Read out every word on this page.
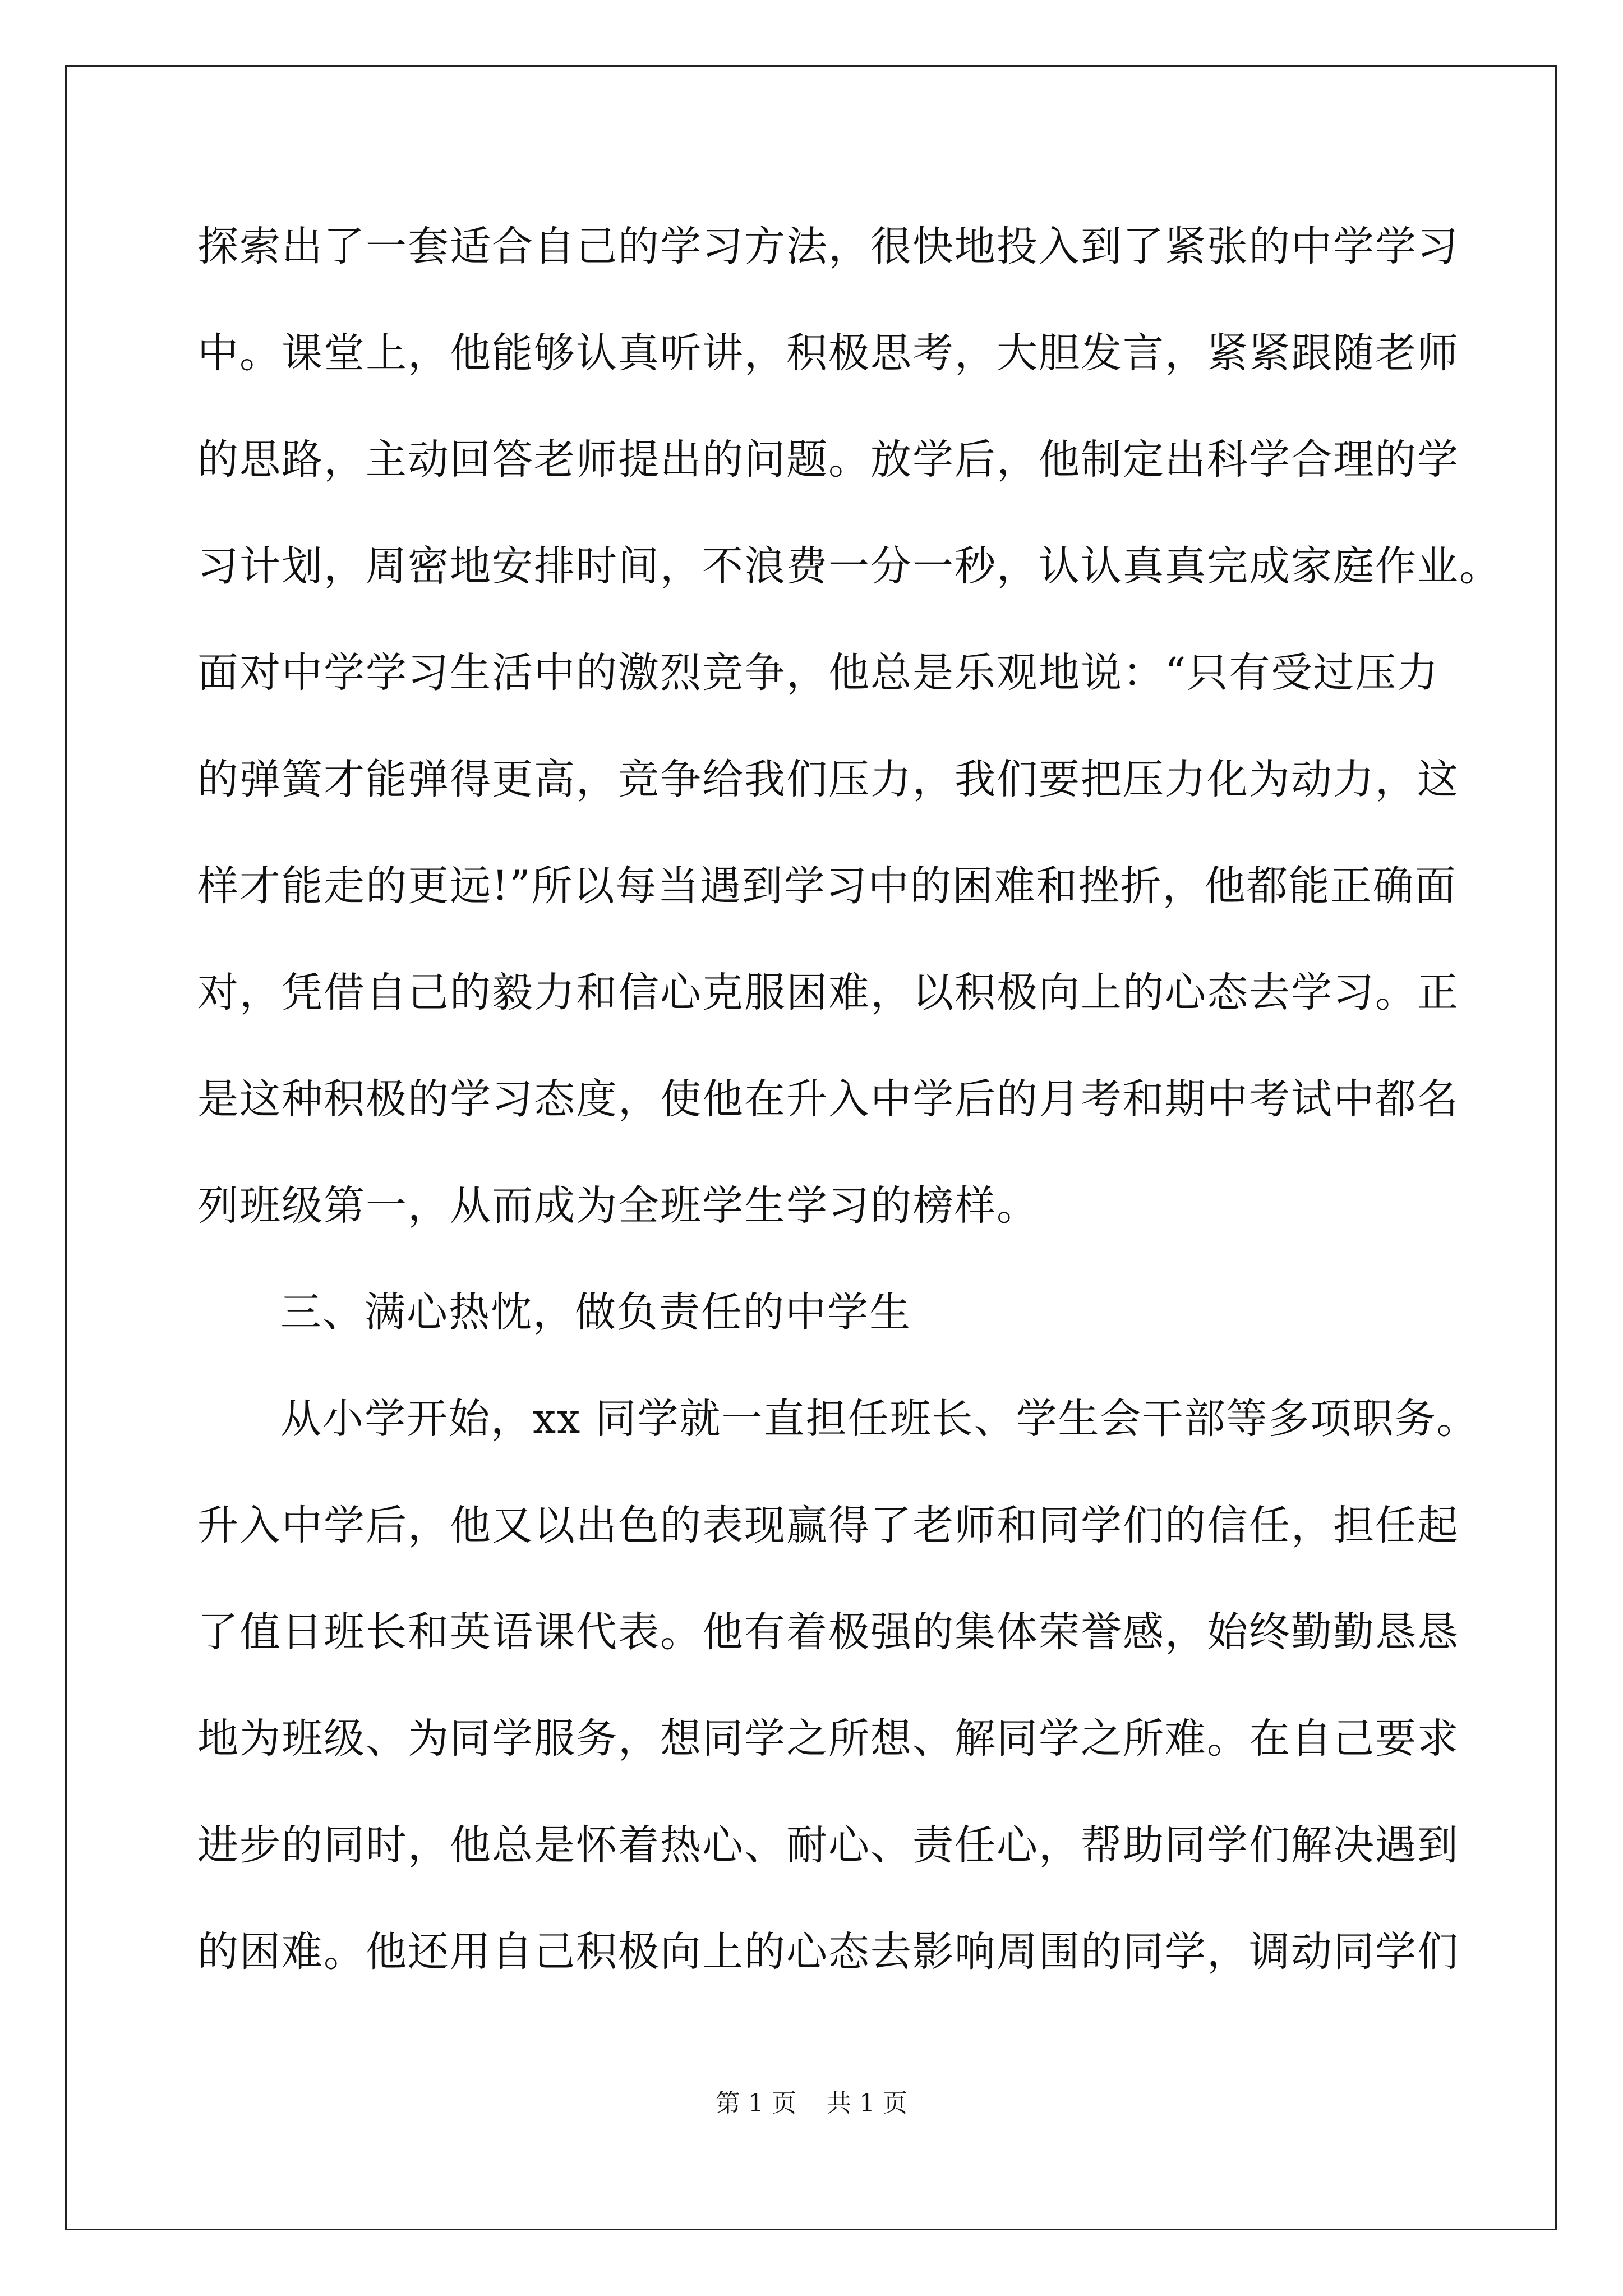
探索出了一套适合自己的学习方法，很快地投入到了紧张的中学学习
中。课堂上，他能够认真听讲，积极思考，大胆发言，紧紧跟随老师
的思路，主动回答老师提出的问题。放学后，他制定出科学合理的学
习计划，周密地安排时间，不浪费一分一秒，认认真真完成家庭作业。
面对中学学习生活中的激烈竞争，他总是乐观地说：“只有受过压力
的弹簧才能弹得更高，竞争给我们压力，我们要把压力化为动力，这
样才能走的更远!”所以每当遇到学习中的困难和挫折，他都能正确面
对，凭借自己的毅力和信心克服困难，以积极向上的心态去学习。正
是这种积极的学习态度，使他在升入中学后的月考和期中考试中都名
列班级第一，从而成为全班学生学习的榜样。
三、满心热忱，做负责任的中学生
从小学开始，xx 同学就一直担任班长、学生会干部等多项职务。
升入中学后，他又以出色的表现赢得了老师和同学们的信任，担任起
了值日班长和英语课代表。他有着极强的集体荣誉感，始终勤勤恳恳
地为班级、为同学服务，想同学之所想、解同学之所难。在自己要求
进步的同时，他总是怀着热心、耐心、责任心，帮助同学们解决遇到
的困难。他还用自己积极向上的心态去影响周围的同学，调动同学们
第 1 页 共 1 页
